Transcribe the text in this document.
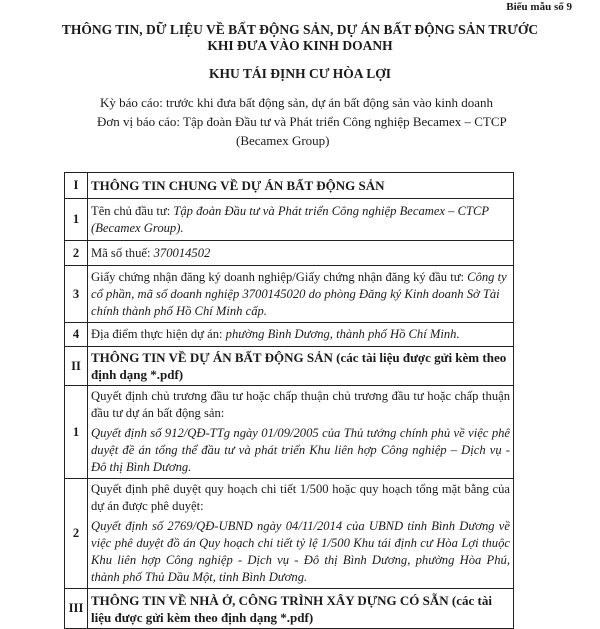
Biểu mẫu số 9
THÔNG TIN, DỮ LIỆU VỀ BẤT ĐỘNG SẢN, DỰ ÁN BẤT ĐỘNG SẢN TRƯỚC
KHI ĐƯA VÀO KINH DOANH
KHU TÁI ĐỊNH CƯ HÒA LỢI
Kỳ báo cáo: trước khi đưa bất động sản, dự án bất động sản vào kinh doanh
Đơn vị báo cáo: Tập đoàn Đầu tư và Phát triển Công nghiệp Becamex – CTCP
(Becamex Group)
I	THÔNG TIN CHUNG VỀ DỰ ÁN BẤT ĐỘNG SẢN
1	Tên chủ đầu tư: Tập đoàn Đầu tư và Phát triển Công nghiệp Becamex – CTCP (Becamex Group).
2	Mã số thuế: 370014502
3	Giấy chứng nhận đăng ký doanh nghiệp/Giấy chứng nhận đăng ký đầu tư: Công ty cổ phần, mã số doanh nghiệp 3700145020 do phòng Đăng ký Kinh doanh Sở Tài chính thành phố Hồ Chí Minh cấp.
4	Địa điểm thực hiện dự án: phường Bình Dương, thành phố Hồ Chí Minh.
II	THÔNG TIN VỀ DỰ ÁN BẤT ĐỘNG SẢN (các tài liệu được gửi kèm theo định dạng *.pdf)
1	Quyết định chủ trương đầu tư hoặc chấp thuận chủ trương đầu tư hoặc chấp thuận đầu tư dự án bất động sản:

Quyết định số 912/QĐ-TTg ngày 01/09/2005 của Thủ tướng chính phủ về việc phê duyệt đề án tổng thể đầu tư và phát triển Khu liên hợp Công nghiệp – Dịch vụ - Đô thị Bình Dương.

2	Quyết định phê duyệt quy hoạch chi tiết 1/500 hoặc quy hoạch tổng mặt bằng của dự án được phê duyệt:

Quyết định số 2769/QĐ-UBND ngày 04/11/2014 của UBND tỉnh Bình Dương về việc phê duyệt đồ án Quy hoạch chi tiết tỷ lệ 1/500 Khu tái định cư Hòa Lợi thuộc Khu liên hợp Công nghiệp - Dịch vụ - Đô thị Bình Dương, phường Hòa Phú, thành phố Thủ Dầu Một, tỉnh Bình Dương.

III	THÔNG TIN VỀ NHÀ Ở, CÔNG TRÌNH XÂY DỰNG CÓ SẴN (các tài liệu được gửi kèm theo định dạng *.pdf)
